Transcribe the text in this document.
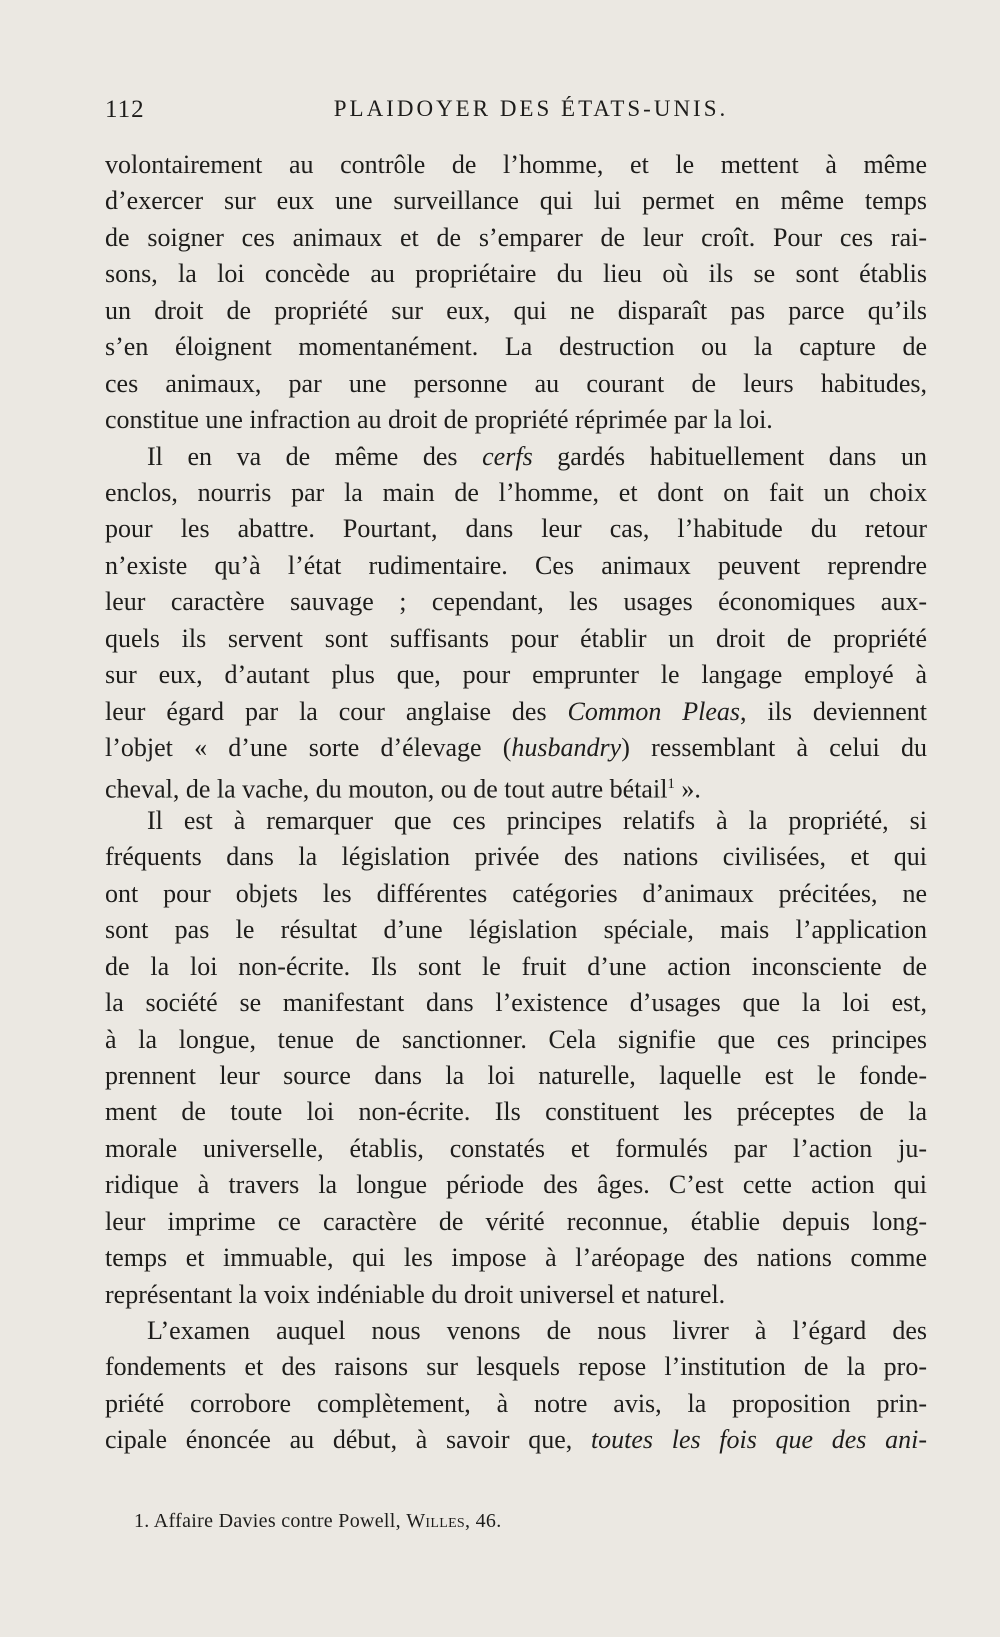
112	PLAIDOYER DES ÉTATS-UNIS.
volontairement au contrôle de l’homme, et le mettent à même
d’exercer sur eux une surveillance qui lui permet en même temps
de soigner ces animaux et de s’emparer de leur croît. Pour ces rai-
sons, la loi concède au propriétaire du lieu où ils se sont établis
un droit de propriété sur eux, qui ne disparaît pas parce qu’ils
s’en éloignent momentanément. La destruction ou la capture de
ces animaux, par une personne au courant de leurs habitudes,
constitue une infraction au droit de propriété réprimée par la loi.
Il en va de même des cerfs gardés habituellement dans un
enclos, nourris par la main de l’homme, et dont on fait un choix
pour les abattre. Pourtant, dans leur cas, l’habitude du retour
n’existe qu’à l’état rudimentaire. Ces animaux peuvent reprendre
leur caractère sauvage ; cependant, les usages économiques aux-
quels ils servent sont suffisants pour établir un droit de propriété
sur eux, d’autant plus que, pour emprunter le langage employé à
leur égard par la cour anglaise des Common Pleas, ils deviennent
l’objet « d’une sorte d’élevage (husbandry) ressemblant à celui du
cheval, de la vache, du mouton, ou de tout autre bétail$^1$ ».
Il est à remarquer que ces principes relatifs à la propriété, si
fréquents dans la législation privée des nations civilisées, et qui
ont pour objets les différentes catégories d’animaux précitées, ne
sont pas le résultat d’une législation spéciale, mais l’application
de la loi non-écrite. Ils sont le fruit d’une action inconsciente de
la société se manifestant dans l’existence d’usages que la loi est,
à la longue, tenue de sanctionner. Cela signifie que ces principes
prennent leur source dans la loi naturelle, laquelle est le fonde-
ment de toute loi non-écrite. Ils constituent les préceptes de la
morale universelle, établis, constatés et formulés par l’action ju-
ridique à travers la longue période des âges. C’est cette action qui
leur imprime ce caractère de vérité reconnue, établie depuis long-
temps et immuable, qui les impose à l’aréopage des nations comme
représentant la voix indéniable du droit universel et naturel.
L’examen auquel nous venons de nous livrer à l’égard des
fondements et des raisons sur lesquels repose l’institution de la pro-
priété corrobore complètement, à notre avis, la proposition prin-
cipale énoncée au début, à savoir que, toutes les fois que des ani-
1. Affaire Davies contre Powell, Willes, 46.
